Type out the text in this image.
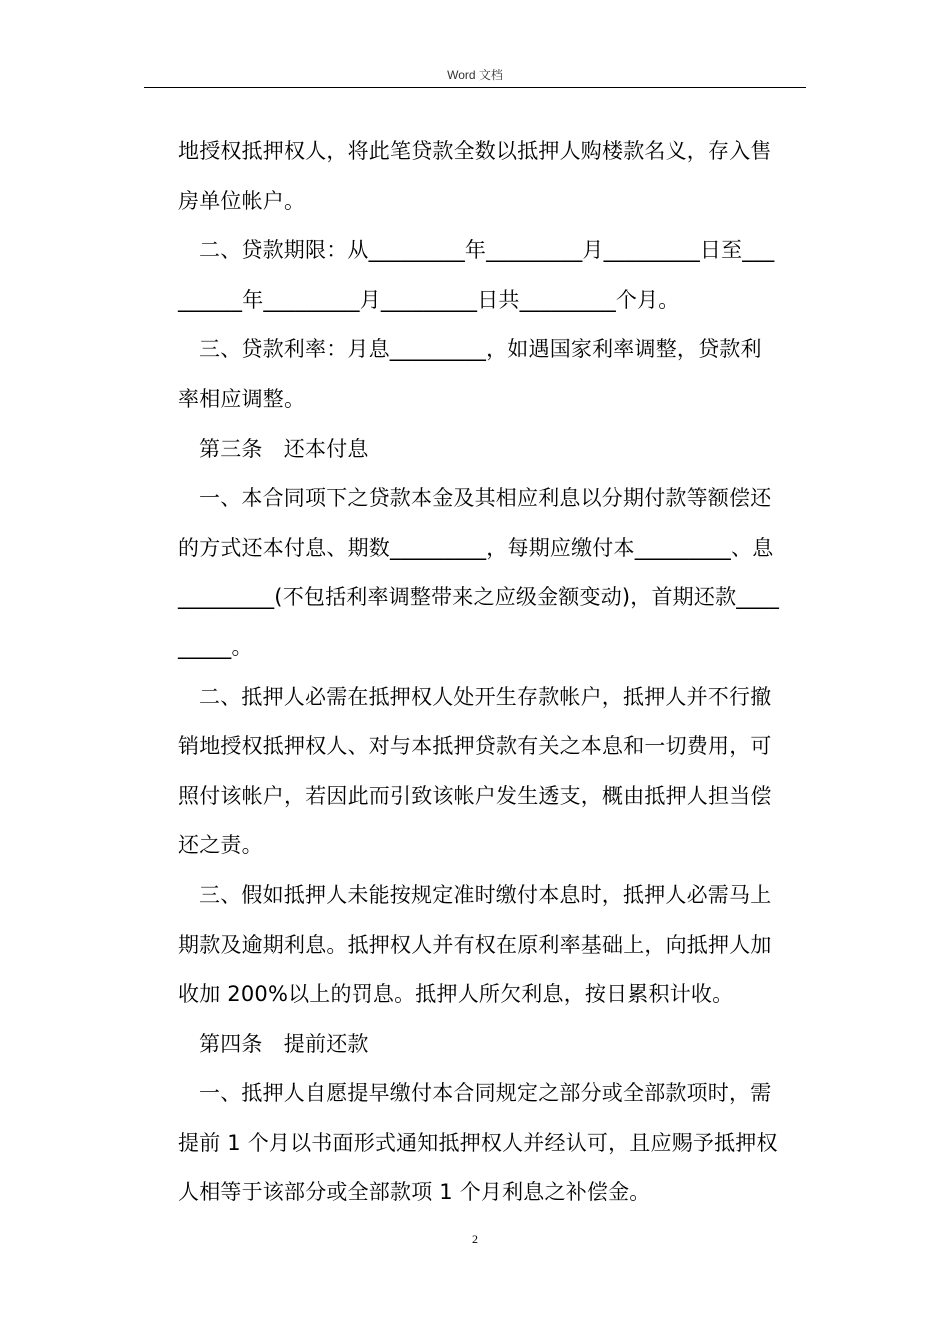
Word 文档
地授权抵押权人，将此笔贷款全数以抵押人购楼款名义，存入售
房单位帐户。
二、贷款期限：从_________年_________月_________日至___
______年_________月_________日共_________个月。
三、贷款利率：月息_________，如遇国家利率调整，贷款利
率相应调整。
第三条　还本付息
一、本合同项下之贷款本金及其相应利息以分期付款等额偿还
的方式还本付息、期数_________，每期应缴付本_________、息
_________(不包括利率调整带来之应级金额变动)，首期还款____
_____。
二、抵押人必需在抵押权人处开生存款帐户，抵押人并不行撤
销地授权抵押权人、对与本抵押贷款有关之本息和一切费用，可
照付该帐户，若因此而引致该帐户发生透支，概由抵押人担当偿
还之责。
三、假如抵押人未能按规定准时缴付本息时，抵押人必需马上
期款及逾期利息。抵押权人并有权在原利率基础上，向抵押人加
收加 200%以上的罚息。抵押人所欠利息，按日累积计收。
第四条　提前还款
一、抵押人自愿提早缴付本合同规定之部分或全部款项时，需
提前 1 个月以书面形式通知抵押权人并经认可，且应赐予抵押权
人相等于该部分或全部款项 1 个月利息之补偿金。
2
